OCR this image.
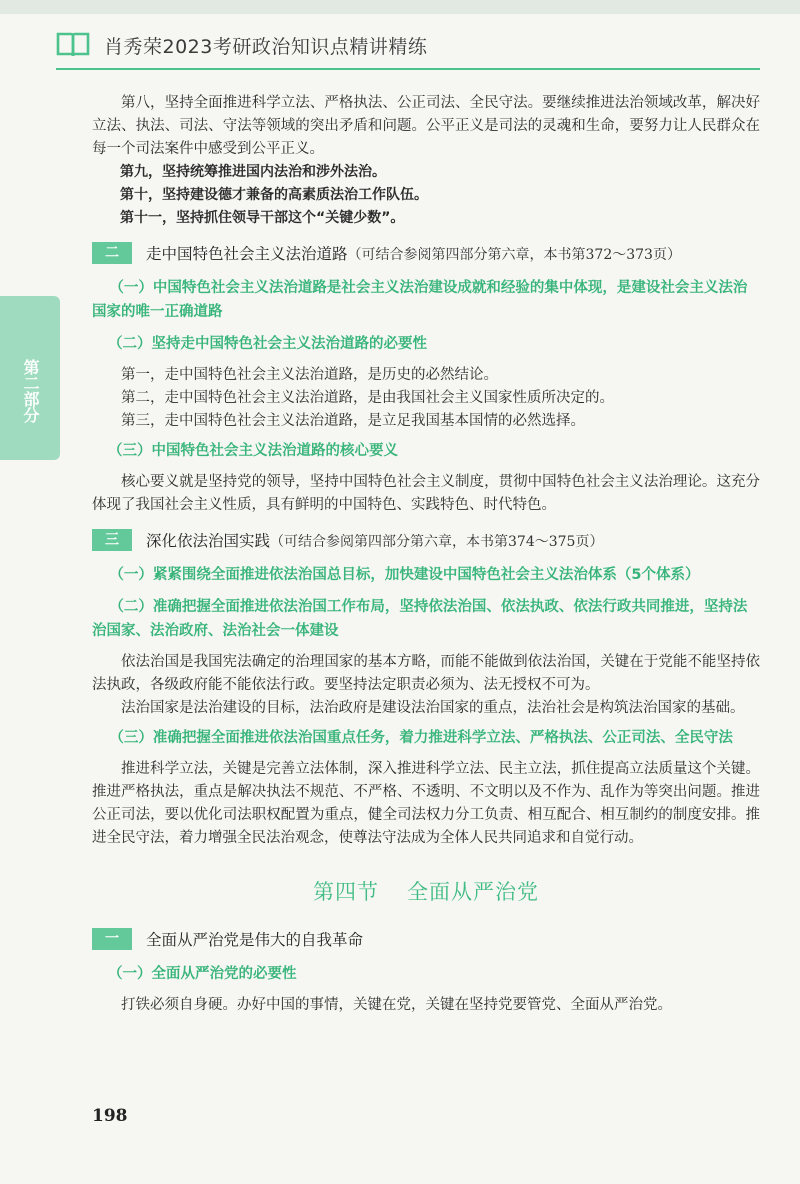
肖秀荣2023考研政治知识点精讲精练
第二部分

第八，坚持全面推进科学立法、严格执法、公正司法、全民守法。要继续推进法治领域改革，解决好立法、执法、司法、守法等领域的突出矛盾和问题。公平正义是司法的灵魂和生命，要努力让人民群众在每一个司法案件中感受到公平正义。

第九，坚持统筹推进国内法治和涉外法治。

第十，坚持建设德才兼备的高素质法治工作队伍。

第十一，坚持抓住领导干部这个“关键少数”。

二	走中国特色社会主义法治道路（可结合参阅第四部分第六章，本书第372～373页）
（一）中国特色社会主义法治道路是社会主义法治建设成就和经验的集中体现，是建设社会主义法治国家的唯一正确道路
（二）坚持走中国特色社会主义法治道路的必要性

第一，走中国特色社会主义法治道路，是历史的必然结论。

第二，走中国特色社会主义法治道路，是由我国社会主义国家性质所决定的。

第三，走中国特色社会主义法治道路，是立足我国基本国情的必然选择。

（三）中国特色社会主义法治道路的核心要义

核心要义就是坚持党的领导，坚持中国特色社会主义制度，贯彻中国特色社会主义法治理论。这充分体现了我国社会主义性质，具有鲜明的中国特色、实践特色、时代特色。

三	深化依法治国实践（可结合参阅第四部分第六章，本书第374～375页）
（一）紧紧围绕全面推进依法治国总目标，加快建设中国特色社会主义法治体系（5个体系）
（二）准确把握全面推进依法治国工作布局，坚持依法治国、依法执政、依法行政共同推进，坚持法治国家、法治政府、法治社会一体建设

依法治国是我国宪法确定的治理国家的基本方略，而能不能做到依法治国，关键在于党能不能坚持依法执政，各级政府能不能依法行政。要坚持法定职责必须为、法无授权不可为。

法治国家是法治建设的目标，法治政府是建设法治国家的重点，法治社会是构筑法治国家的基础。

（三）准确把握全面推进依法治国重点任务，着力推进科学立法、严格执法、公正司法、全民守法

推进科学立法，关键是完善立法体制，深入推进科学立法、民主立法，抓住提高立法质量这个关键。推进严格执法，重点是解决执法不规范、不严格、不透明、不文明以及不作为、乱作为等突出问题。推进公正司法，要以优化司法职权配置为重点，健全司法权力分工负责、相互配合、相互制约的制度安排。推进全民守法，着力增强全民法治观念，使尊法守法成为全体人民共同追求和自觉行动。

第四节 全面从严治党
一	全面从严治党是伟大的自我革命
（一）全面从严治党的必要性

打铁必须自身硬。办好中国的事情，关键在党，关键在坚持党要管党、全面从严治党。

198
